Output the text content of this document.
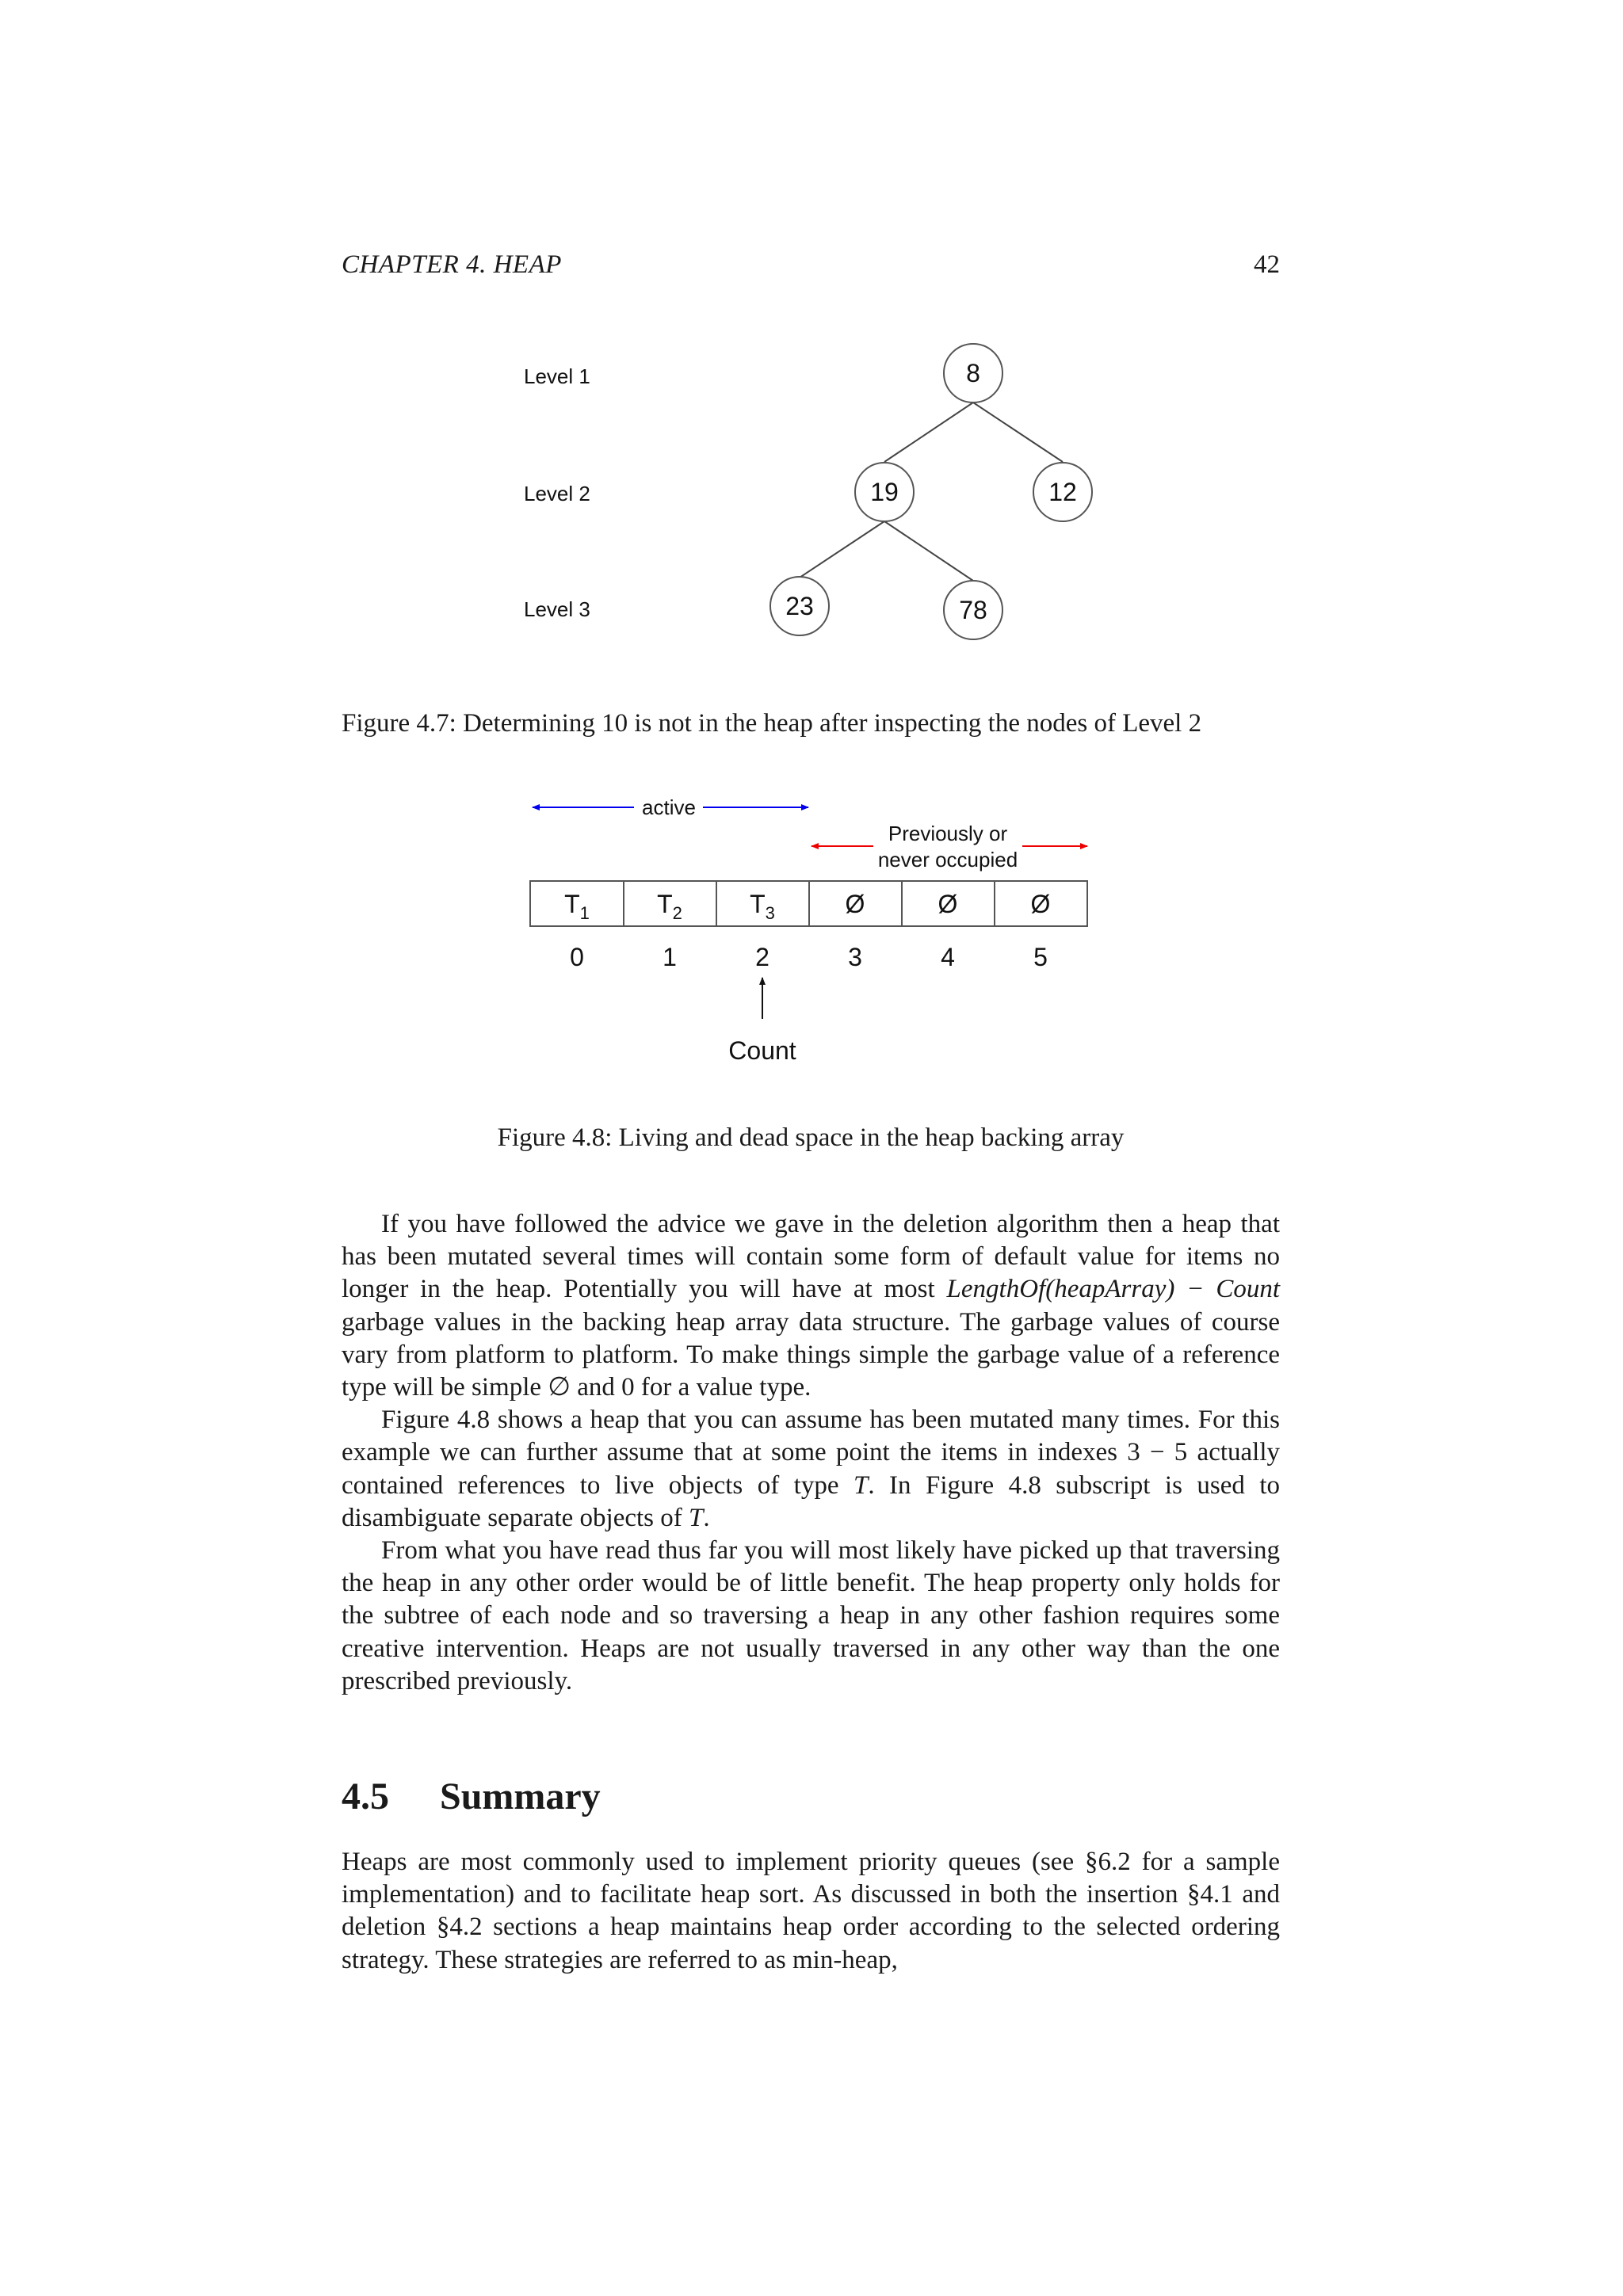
CHAPTER 4. HEAP	42
Level 1
Level 2
Level 3
8
19	12
23	78
Figure 4.7: Determining 10 is not in the heap after inspecting the nodes of Level 2
active
Previously or
never occupied
$T_1$	$T_2$	$T_3$	Ø	Ø	Ø
0	1	2	3	4	5
Count
Figure 4.8: Living and dead space in the heap backing array

If you have followed the advice we gave in the deletion algorithm then a heap that has been mutated several times will contain some form of default value for items no longer in the heap. Potentially you will have at most LengthOf(heapArray) − Count garbage values in the backing heap array data structure. The garbage values of course vary from platform to platform. To make things simple the garbage value of a reference type will be simple ∅ and 0 for a value type.

Figure 4.8 shows a heap that you can assume has been mutated many times. For this example we can further assume that at some point the items in indexes 3 − 5 actually contained references to live objects of type T. In Figure 4.8 subscript is used to disambiguate separate objects of T.

From what you have read thus far you will most likely have picked up that traversing the heap in any other order would be of little benefit. The heap property only holds for the subtree of each node and so traversing a heap in any other fashion requires some creative intervention. Heaps are not usually traversed in any other way than the one prescribed previously.

4.5 Summary
Heaps are most commonly used to implement priority queues (see §6.2 for a sample implementation) and to facilitate heap sort. As discussed in both the insertion §4.1 and deletion §4.2 sections a heap maintains heap order according to the selected ordering strategy. These strategies are referred to as min-heap,
